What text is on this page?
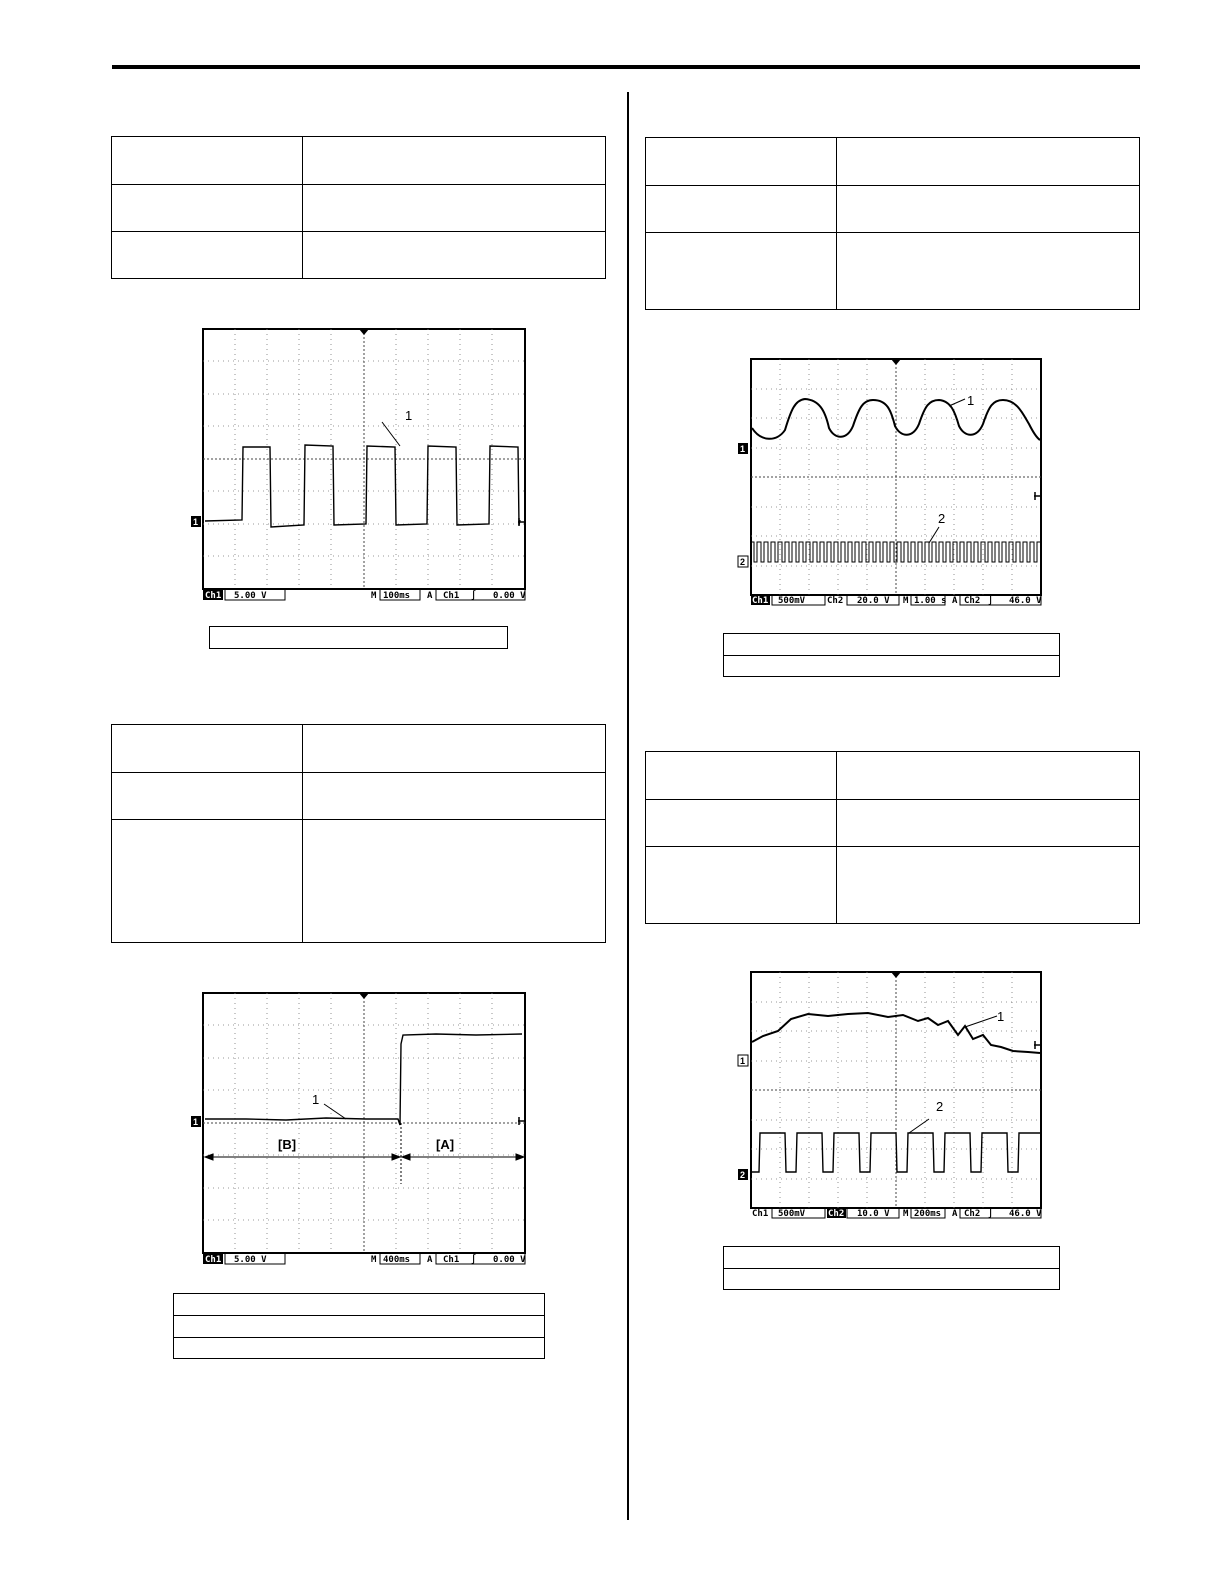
1
1
Ch1 5.00 V	M 100ms A Ch1 ∫ 0.00 V

[B]	[A]
1
1
Ch1 5.00 V	M 400ms A Ch1 ∫ 0.00 V

1
2
1
2
Ch1 500mV Ch2 20.0 V M 1.00 s A Ch2 ∫ 46.0 V

1
2
1
2
Ch1 500mV	Ch2 10.0 V M 200ms A Ch2 ∫ 46.0 V
